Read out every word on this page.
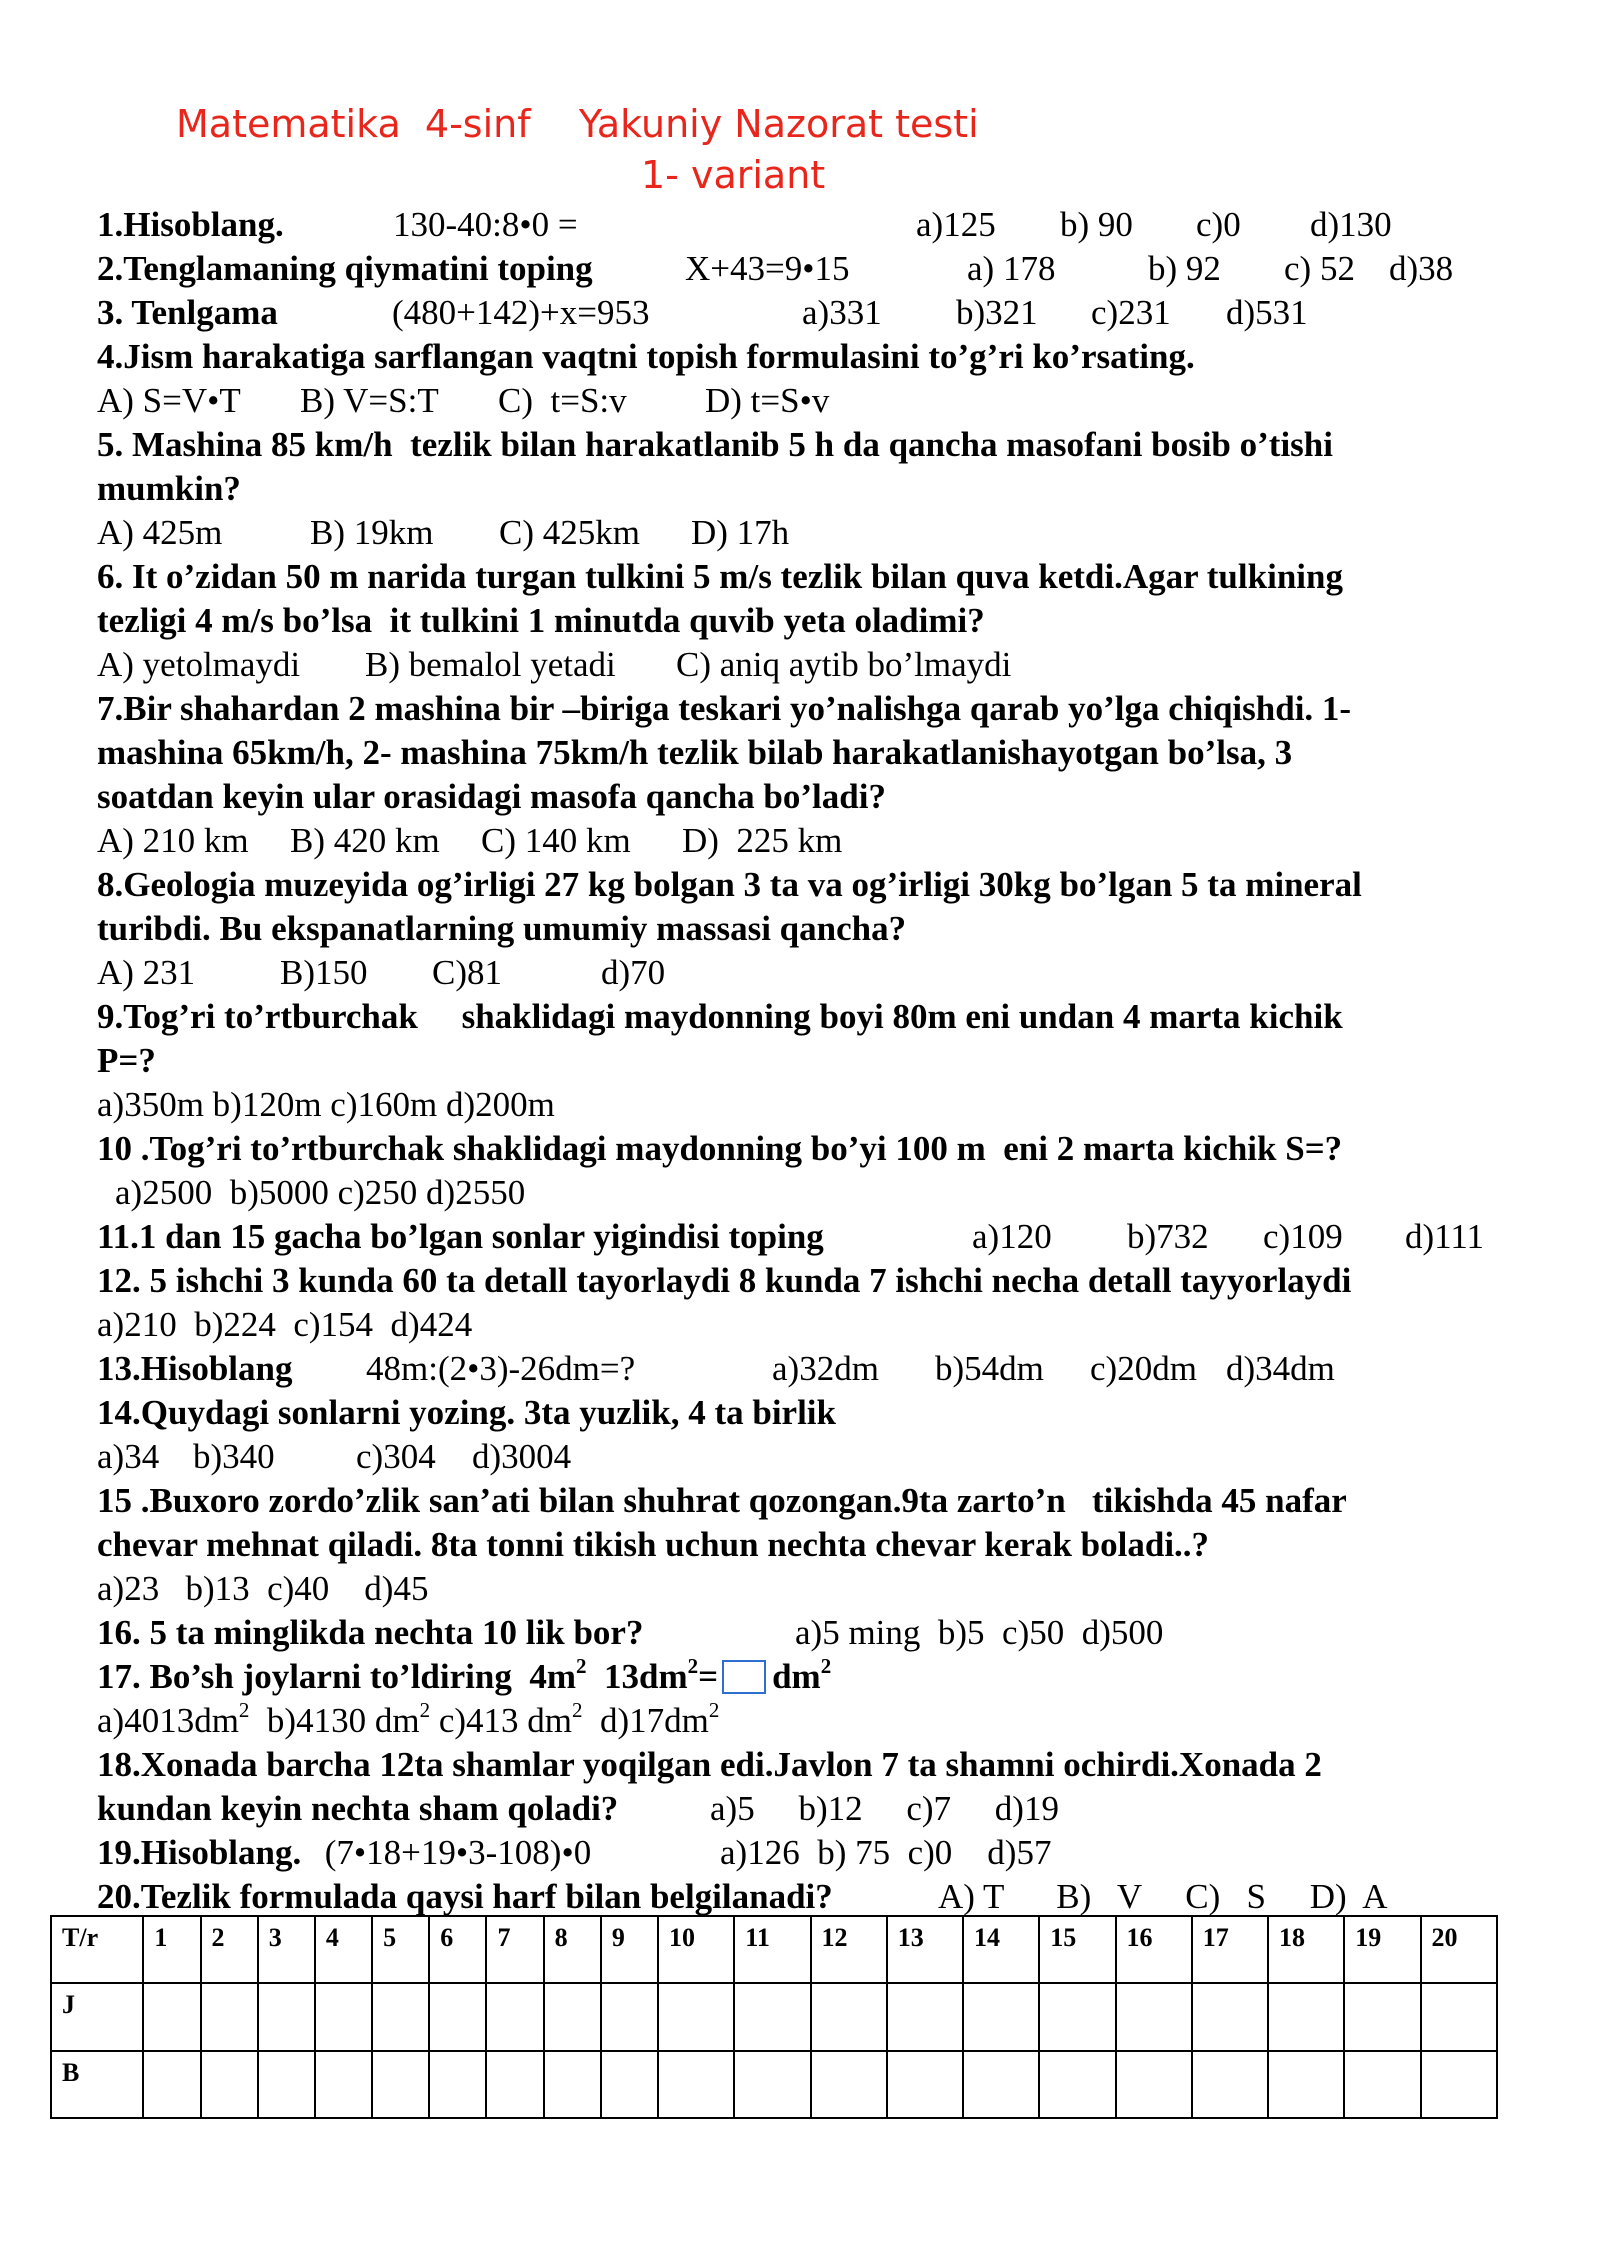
Matematika  4-sinf    Yakuniy Nazorat testi
1- variant
1.Hisoblang.	130-40:8•0 =	a)125 b) 90 c)0 d)130
2.Tenglamaning qiymatini toping	X+43=9•15	a) 178	b) 92 c) 52 d)38
3. Tenlgama	(480+142)+x=953	a)331 b)321 c)231 d)531
4.Jism harakatiga sarflangan vaqtni topish formulasini to’g’ri ko’rsating.
A) S=V•T B) V=S:T C)  t=S:v D) t=S•v
5. Mashina 85 km/h  tezlik bilan harakatlanib 5 h da qancha masofani bosib o’tishi
mumkin?
A) 425m	B) 19km C) 425km D) 17h
6. It o’zidan 50 m narida turgan tulkini 5 m/s tezlik bilan quva ketdi.Agar tulkining
tezligi 4 m/s bo’lsa  it tulkini 1 minutda quvib yeta oladimi?
A) yetolmaydi B) bemalol yetadi C) aniq aytib bo’lmaydi
7.Bir shahardan 2 mashina bir –biriga teskari yo’nalishga qarab yo’lga chiqishdi. 1-
mashina 65km/h, 2- mashina 75km/h tezlik bilab harakatlanishayotgan bo’lsa, 3
soatdan keyin ular orasidagi masofa qancha bo’ladi?
A) 210 km B) 420 km C) 140 km D)  225 km
8.Geologia muzeyida og’irligi 27 kg bolgan 3 ta va og’irligi 30kg bo’lgan 5 ta mineral
turibdi. Bu ekspanatlarning umumiy massasi qancha?
A) 231 B)150 C)81	d)70
9.Tog’ri to’rtburchak     shaklidagi maydonning boyi 80m eni undan 4 marta kichik
P=?
a)350m b)120m c)160m d)200m
10 .Tog’ri to’rtburchak shaklidagi maydonning bo’yi 100 m  eni 2 marta kichik S=?
a)2500  b)5000 c)250 d)2550
11.1 dan 15 gacha bo’lgan sonlar yigindisi toping	a)120 b)732 c)109 d)111
12. 5 ishchi 3 kunda 60 ta detall tayorlaydi 8 kunda 7 ishchi necha detall tayyorlaydi
a)210  b)224  c)154  d)424
13.Hisoblang 48m:(2•3)-26dm=?	a)32dm b)54dm c)20dm d)34dm
14.Quydagi sonlarni yozing. 3ta yuzlik, 4 ta birlik
a)34 b)340 c)304 d)3004
15 .Buxoro zordo’zlik san’ati bilan shuhrat qozongan.9ta zarto’n   tikishda 45 nafar
chevar mehnat qiladi. 8ta tonni tikish uchun nechta chevar kerak boladi..?
a)23   b)13  c)40    d)45
16. 5 ta minglikda nechta 10 lik bor?	a)5 ming  b)5  c)50  d)500
17. Bo’sh joylarni to’ldiring  $4m^2$  $13dm^2= dm^2$
$a)4013dm^2$  b)4130 $dm^2$ c)413 $dm^2$  $d)17dm^2$
18.Xonada barcha 12ta shamlar yoqilgan edi.Javlon 7 ta shamni ochirdi.Xonada 2
kundan keyin nechta sham qoladi?	a)5     b)12     c)7     d)19
19.Hisoblang. (7•18+19•3-108)•0	a)126  b) 75  c)0    d)57
20.Tezlik formulada qaysi harf bilan belgilanadi?	A) T      B)   V     C)   S     D)  A
T/r	1	2	3	4	5	6	7	8	9	10	11	12	13	14	15	16	17	18	19	20
J																				
B																				
